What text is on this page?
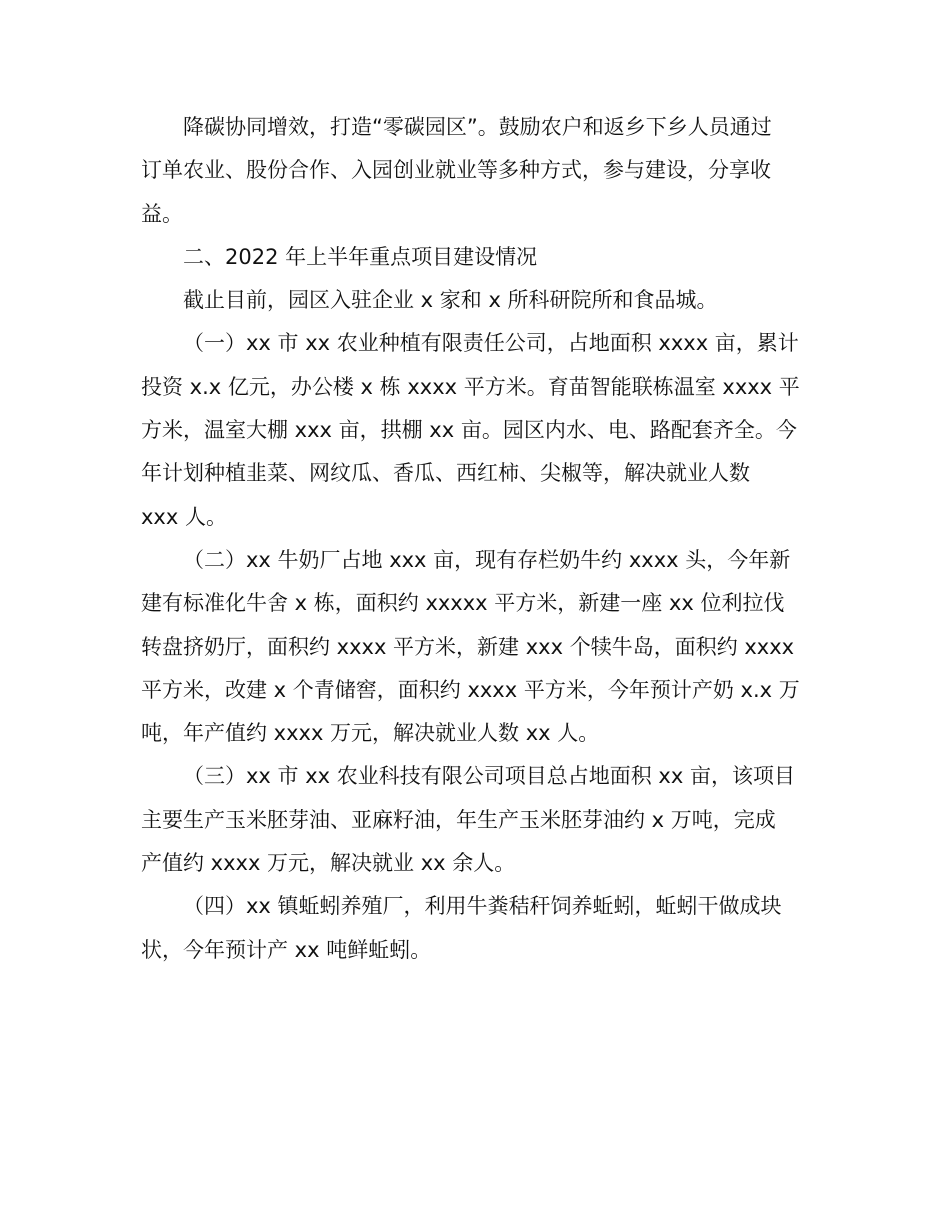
降碳协同增效，打造“零碳园区”。鼓励农户和返乡下乡人员通过
订单农业、股份合作、入园创业就业等多种方式，参与建设，分享收
益。

二、2022 年上半年重点项目建设情况

截止目前，园区入驻企业 x 家和 x 所科研院所和食品城。

（一）xx 市 xx 农业种植有限责任公司，占地面积 xxxx 亩，累计
投资 x.x 亿元，办公楼 x 栋 xxxx 平方米。育苗智能联栋温室 xxxx 平
方米，温室大棚 xxx 亩，拱棚 xx 亩。园区内水、电、路配套齐全。今
年计划种植韭菜、网纹瓜、香瓜、西红柿、尖椒等，解决就业人数
xxx 人。

（二）xx 牛奶厂占地 xxx 亩，现有存栏奶牛约 xxxx 头，今年新
建有标准化牛舍 x 栋，面积约 xxxxx 平方米，新建一座 xx 位利拉伐
转盘挤奶厅，面积约 xxxx 平方米，新建 xxx 个犊牛岛，面积约 xxxx
平方米，改建 x 个青储窖，面积约 xxxx 平方米，今年预计产奶 x.x 万
吨，年产值约 xxxx 万元，解决就业人数 xx 人。

（三）xx 市 xx 农业科技有限公司项目总占地面积 xx 亩，该项目
主要生产玉米胚芽油、亚麻籽油，年生产玉米胚芽油约 x 万吨，完成
产值约 xxxx 万元，解决就业 xx 余人。

（四）xx 镇蚯蚓养殖厂，利用牛粪秸秆饲养蚯蚓，蚯蚓干做成块
状，今年预计产 xx 吨鲜蚯蚓。
